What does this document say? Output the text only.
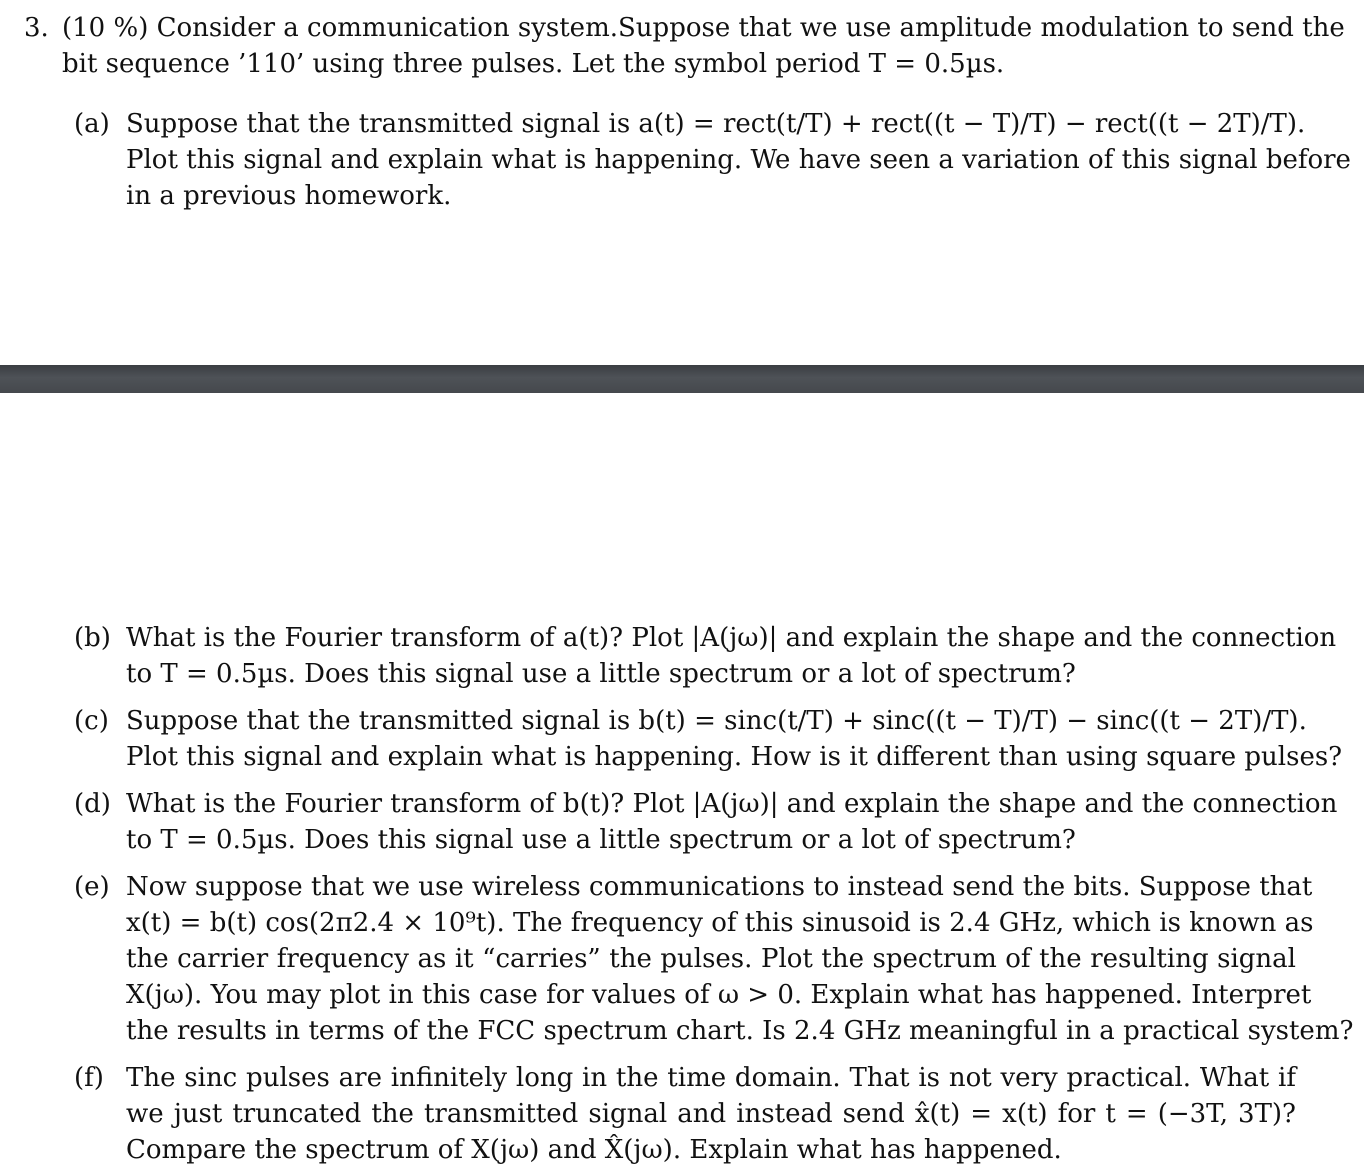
3. (10 %) Consider a communication system.Suppose that we use amplitude modulation to send the
bit sequence ’110’ using three pulses. Let the symbol period T = 0.5µs.
(a) Suppose that the transmitted signal is a(t) = rect(t/T) + rect((t − T)/T) − rect((t − 2T)/T).
Plot this signal and explain what is happening. We have seen a variation of this signal before
in a previous homework.
(b) What is the Fourier transform of a(t)? Plot |A(jω)| and explain the shape and the connection
to T = 0.5µs. Does this signal use a little spectrum or a lot of spectrum?
(c) Suppose that the transmitted signal is b(t) = sinc(t/T) + sinc((t − T)/T) − sinc((t − 2T)/T).
Plot this signal and explain what is happening. How is it different than using square pulses?
(d) What is the Fourier transform of b(t)? Plot |A(jω)| and explain the shape and the connection
to T = 0.5µs. Does this signal use a little spectrum or a lot of spectrum?
(e) Now suppose that we use wireless communications to instead send the bits. Suppose that
x(t) = b(t) cos(2π2.4 × 10⁹t). The frequency of this sinusoid is 2.4 GHz, which is known as
the carrier frequency as it “carries” the pulses. Plot the spectrum of the resulting signal
X(jω). You may plot in this case for values of ω > 0. Explain what has happened. Interpret
the results in terms of the FCC spectrum chart. Is 2.4 GHz meaningful in a practical system?
(f) The sinc pulses are infinitely long in the time domain. That is not very practical. What if
we just truncated the transmitted signal and instead send x̂(t) = x(t) for t = (−3T, 3T)?
Compare the spectrum of X(jω) and X̂(jω). Explain what has happened.
